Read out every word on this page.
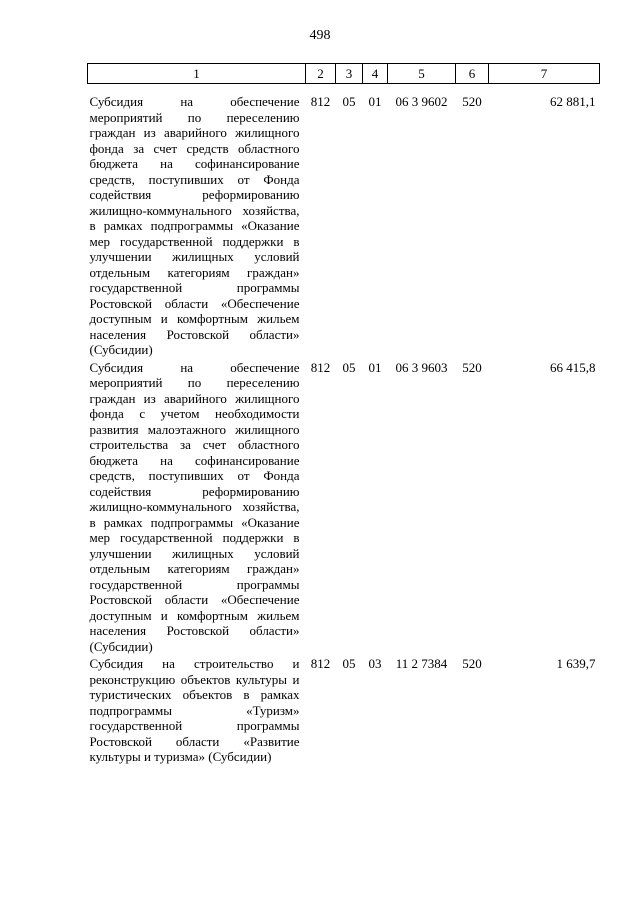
498
1	2	3	4	5	6	7

Субсидия на обеспечение мероприятий по переселению граждан из аварийного жилищного фонда за счет средств областного бюджета на софинансирование средств, поступивших от Фонда содействия реформированию жилищно-коммунального хозяйства, в рамках подпрограммы «Оказание мер государственной поддержки в улучшении жилищных условий отдельным категориям граждан» государственной программы Ростовской области «Обеспечение доступным и комфортным жильем населения Ростовской области» (Субсидии)	812	05	01	06 3 9602	520	62 881,1
Субсидия на обеспечение мероприятий по переселению граждан из аварийного жилищного фонда с учетом необходимости развития малоэтажного жилищного строительства за счет областного бюджета на софинансирование средств, поступивших от Фонда содействия реформированию жилищно-коммунального хозяйства, в рамках подпрограммы «Оказание мер государственной поддержки в улучшении жилищных условий отдельным категориям граждан» государственной программы Ростовской области «Обеспечение доступным и комфортным жильем населения Ростовской области» (Субсидии)	812	05	01	06 3 9603	520	66 415,8
Субсидия на строительство и реконструкцию объектов культуры и туристических объектов в рамках подпрограммы «Туризм» государственной программы Ростовской области «Развитие культуры и туризма» (Субсидии)	812	05	03	11 2 7384	520	1 639,7
